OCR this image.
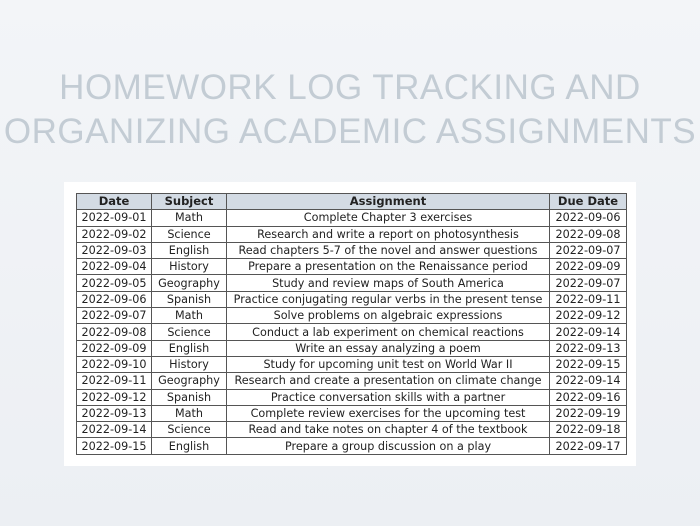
HOMEWORK LOG TRACKING AND
ORGANIZING ACADEMIC ASSIGNMENTS
Date	Subject	Assignment	Due Date
2022-09-01	Math	Complete Chapter 3 exercises	2022-09-06
2022-09-02	Science	Research and write a report on photosynthesis	2022-09-08
2022-09-03	English	Read chapters 5-7 of the novel and answer questions	2022-09-07
2022-09-04	History	Prepare a presentation on the Renaissance period	2022-09-09
2022-09-05	Geography	Study and review maps of South America	2022-09-07
2022-09-06	Spanish	Practice conjugating regular verbs in the present tense	2022-09-11
2022-09-07	Math	Solve problems on algebraic expressions	2022-09-12
2022-09-08	Science	Conduct a lab experiment on chemical reactions	2022-09-14
2022-09-09	English	Write an essay analyzing a poem	2022-09-13
2022-09-10	History	Study for upcoming unit test on World War II	2022-09-15
2022-09-11	Geography	Research and create a presentation on climate change	2022-09-14
2022-09-12	Spanish	Practice conversation skills with a partner	2022-09-16
2022-09-13	Math	Complete review exercises for the upcoming test	2022-09-19
2022-09-14	Science	Read and take notes on chapter 4 of the textbook	2022-09-18
2022-09-15	English	Prepare a group discussion on a play	2022-09-17
